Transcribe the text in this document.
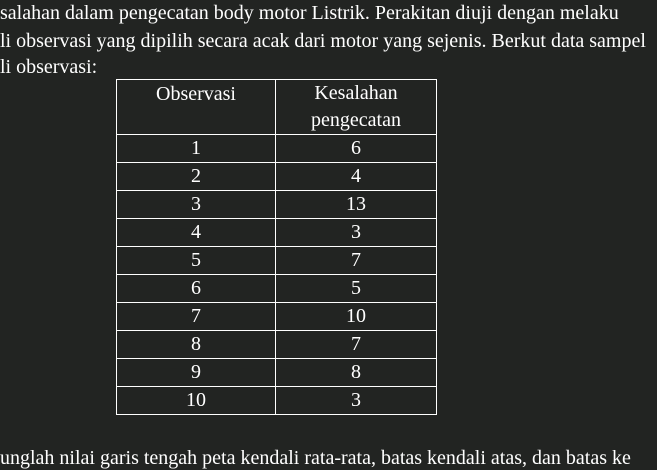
salahan dalam pengecatan body motor Listrik. Perakitan diuji dengan melaku
li observasi yang dipilih secara acak dari motor yang sejenis. Berkut data sampel
li observasi:
Observasi	Kesalahan
pengecatan
1	6
2	4
3	13
4	3
5	7
6	5
7	10
8	7
9	8
10	3
unglah nilai garis tengah peta kendali rata-rata, batas kendali atas, dan batas ke
